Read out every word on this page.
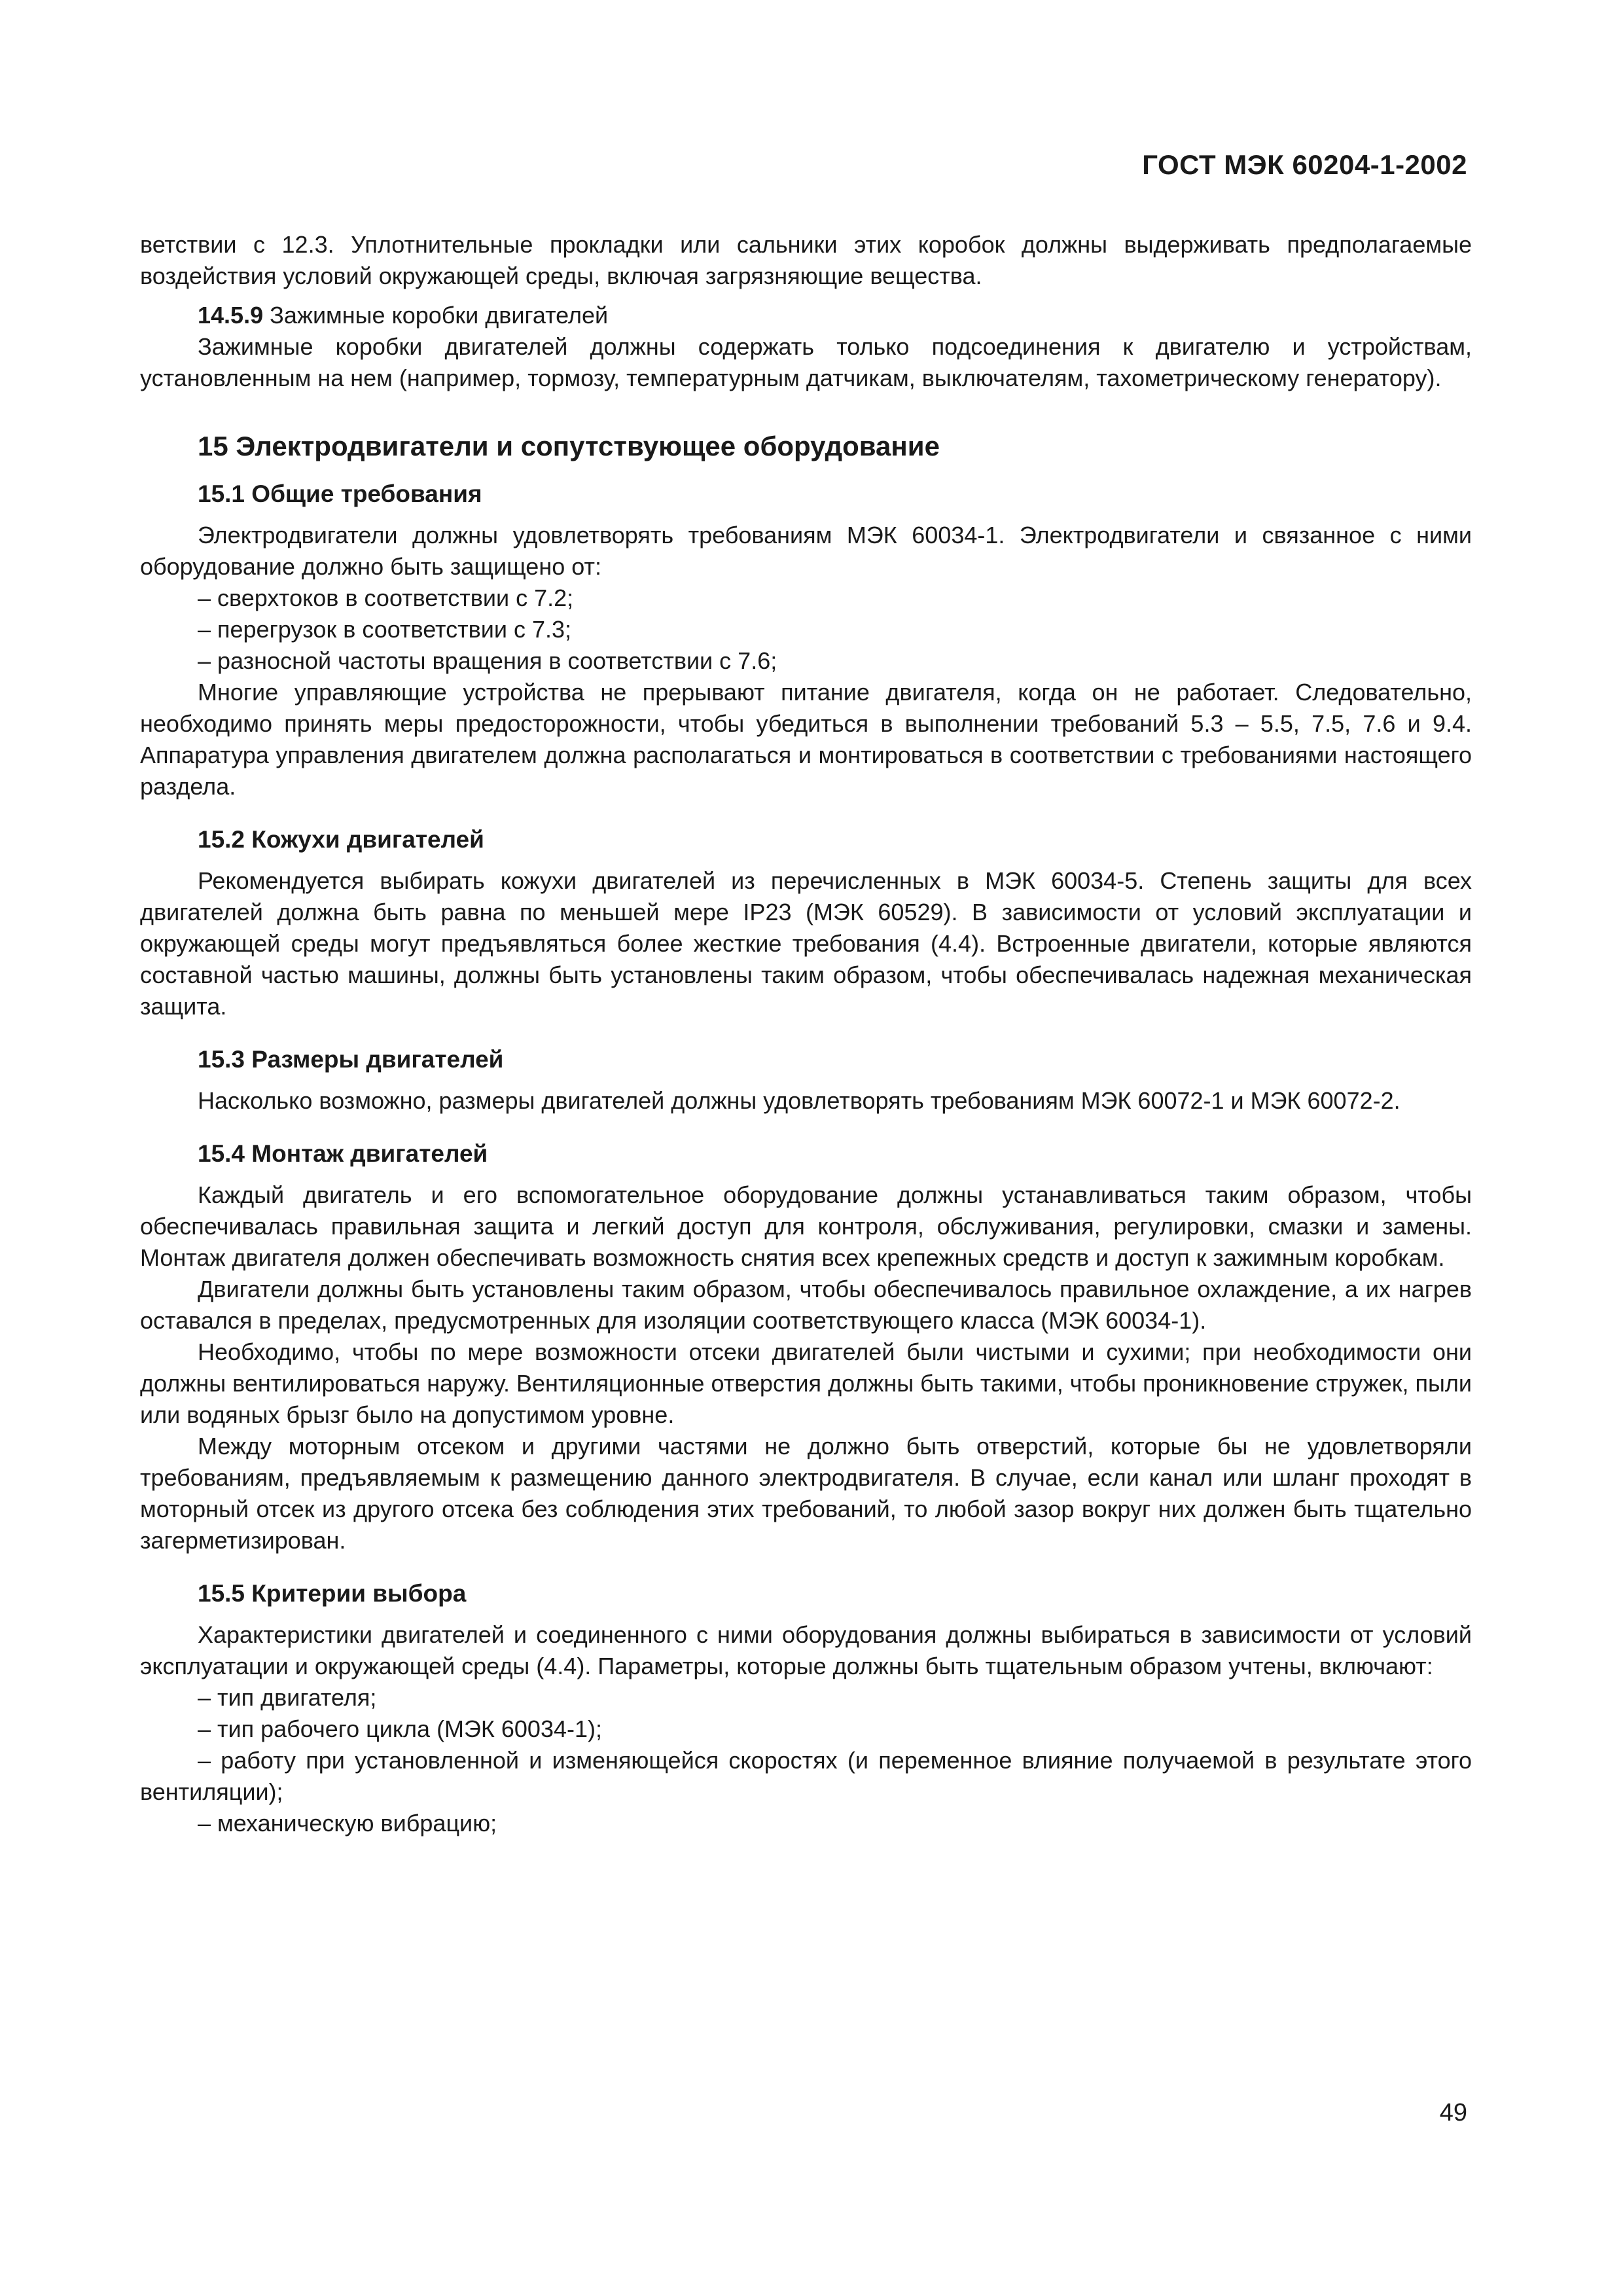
ГОСТ МЭК 60204-1-2002

ветствии с 12.3. Уплотнительные прокладки или сальники этих коробок должны выдерживать предполагаемые воздействия условий окружающей среды, включая загрязняющие вещества.

14.5.9 Зажимные коробки двигателей

Зажимные коробки двигателей должны содержать только подсоединения к двигателю и устройствам, установленным на нем (например, тормозу, температурным датчикам, выключателям, тахометрическому генератору).

15 Электродвигатели и сопутствующее оборудование
15.1 Общие требования

Электродвигатели должны удовлетворять требованиям МЭК 60034-1. Электродвигатели и связанное с ними оборудование должно быть защищено от:

– сверхтоков в соответствии с 7.2;

– перегрузок в соответствии с 7.3;

– разносной частоты вращения в соответствии с 7.6;

Многие управляющие устройства не прерывают питание двигателя, когда он не работает. Следовательно, необходимо принять меры предосторожности, чтобы убедиться в выполнении требований 5.3 – 5.5, 7.5, 7.6 и 9.4. Аппаратура управления двигателем должна располагаться и монтироваться в соответствии с требованиями настоящего раздела.

15.2 Кожухи двигателей

Рекомендуется выбирать кожухи двигателей из перечисленных в МЭК 60034-5. Степень защиты для всех двигателей должна быть равна по меньшей мере IP23 (МЭК 60529). В зависимости от условий эксплуатации и окружающей среды могут предъявляться более жесткие требования (4.4). Встроенные двигатели, которые являются составной частью машины, должны быть установлены таким образом, чтобы обеспечивалась надежная механическая защита.

15.3 Размеры двигателей

Насколько возможно, размеры двигателей должны удовлетворять требованиям МЭК 60072-1 и МЭК 60072-2.

15.4 Монтаж двигателей

Каждый двигатель и его вспомогательное оборудование должны устанавливаться таким образом, чтобы обеспечивалась правильная защита и легкий доступ для контроля, обслуживания, регулировки, смазки и замены. Монтаж двигателя должен обеспечивать возможность снятия всех крепежных средств и доступ к зажимным коробкам.

Двигатели должны быть установлены таким образом, чтобы обеспечивалось правильное охлаждение, а их нагрев оставался в пределах, предусмотренных для изоляции соответствующего класса (МЭК 60034-1).

Необходимо, чтобы по мере возможности отсеки двигателей были чистыми и сухими; при необходимости они должны вентилироваться наружу. Вентиляционные отверстия должны быть такими, чтобы проникновение стружек, пыли или водяных брызг было на допустимом уровне.

Между моторным отсеком и другими частями не должно быть отверстий, которые бы не удовлетворяли требованиям, предъявляемым к размещению данного электродвигателя. В случае, если канал или шланг проходят в моторный отсек из другого отсека без соблюдения этих требований, то любой зазор вокруг них должен быть тщательно загерметизирован.

15.5 Критерии выбора

Характеристики двигателей и соединенного с ними оборудования должны выбираться в зависимости от условий эксплуатации и окружающей среды (4.4). Параметры, которые должны быть тщательным образом учтены, включают:

– тип двигателя;

– тип рабочего цикла (МЭК 60034-1);

– работу при установленной и изменяющейся скоростях (и переменное влияние получаемой в результате этого вентиляции);

– механическую вибрацию;

49
